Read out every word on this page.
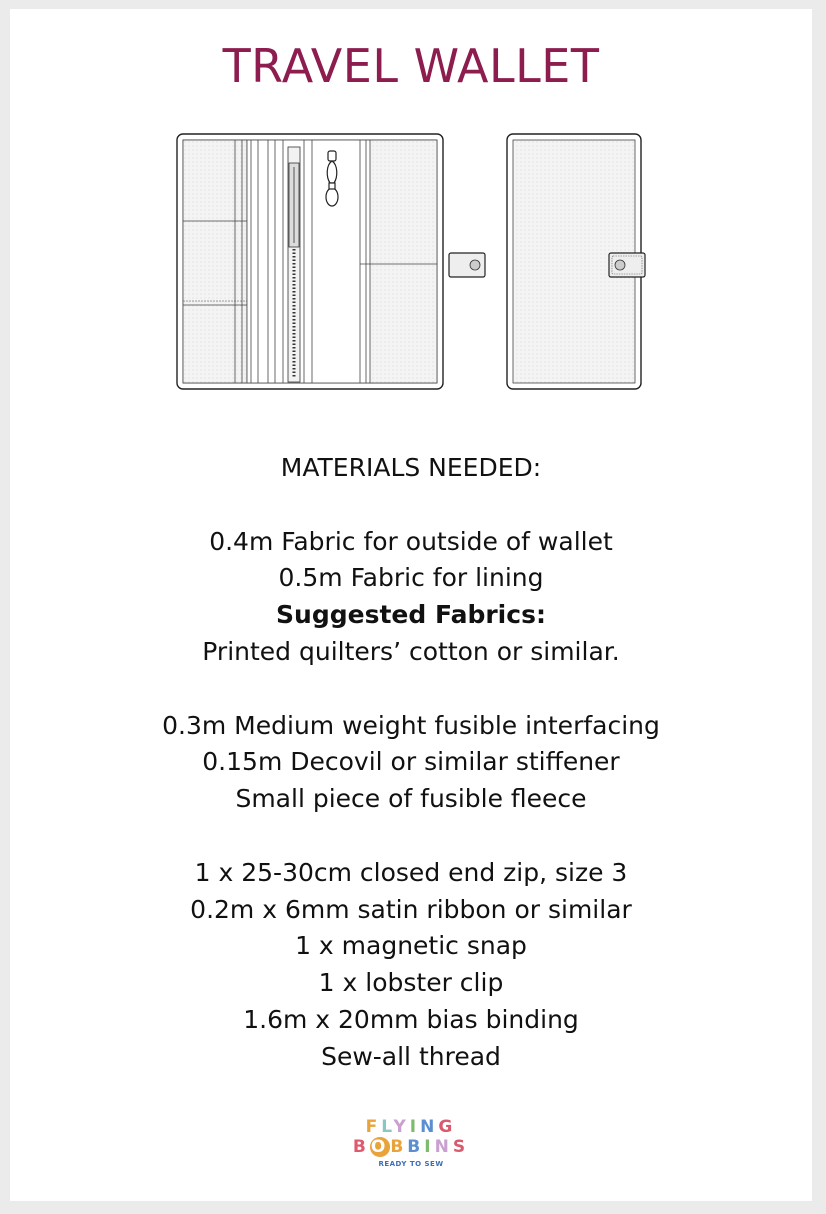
TRAVEL WALLET
MATERIALS NEEDED:
0.4m Fabric for outside of wallet
0.5m Fabric for lining
Suggested Fabrics:
Printed quilters’ cotton or similar.
0.3m Medium weight fusible interfacing
0.15m Decovil or similar stiffener
Small piece of fusible fleece
1 x 25-30cm closed end zip, size 3
0.2m x 6mm satin ribbon or similar
1 x magnetic snap
1 x lobster clip
1.6m x 20mm bias binding
Sew-all thread
FLYING
BOBBINS
READY TO SEW
